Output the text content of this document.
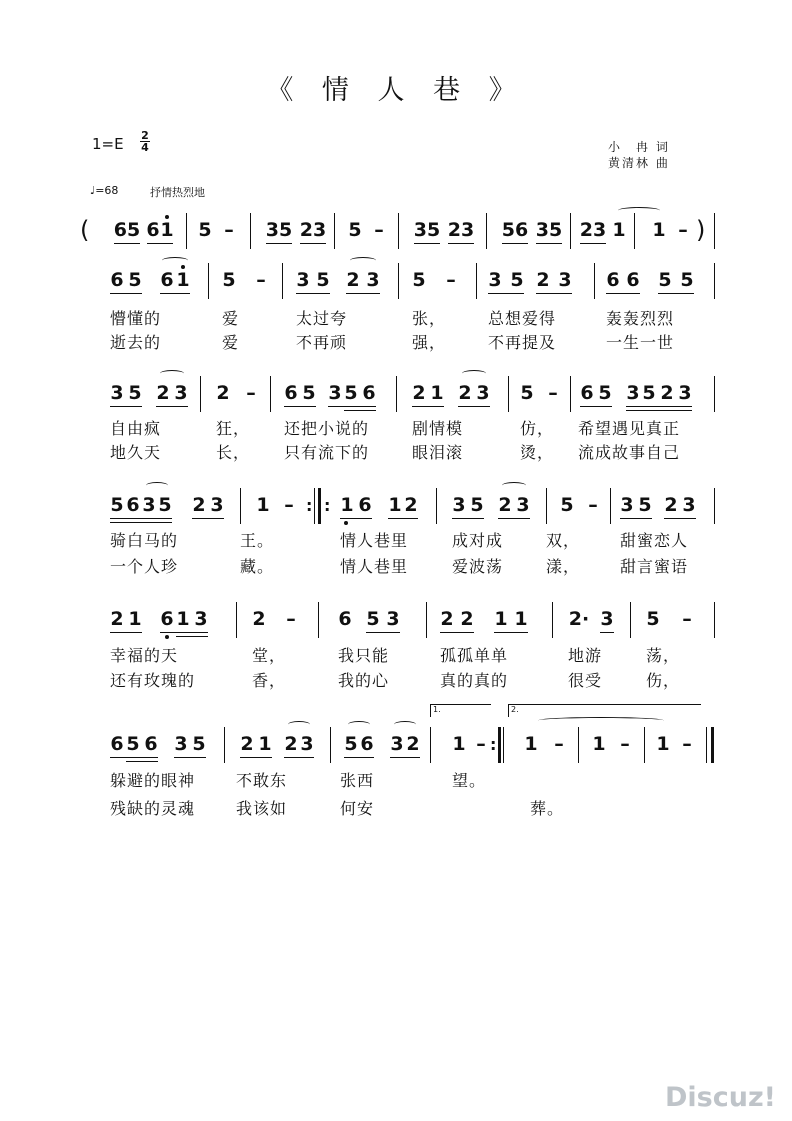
《 情 人 巷 》
$1=E \frac{2}{4}$	小　冉 词
黄清林 曲
♩=68	抒情热烈地
( 65 6 1 5 – 35 23 5 – 35 23 56 35 23 1 1 – )
6 5 6 1 5 – 3 5 2 3 5 – 3 5 2 3 6 6 5 5
懵懂的	爱	太过夸	张，	总想爱得	轰轰烈烈
逝去的	爱	不再顽	强，	不再提及	一生一世
3 5 2 3 2 – 6 5 3 5 6 2 1 2 3 5 – 6 5 3 5 2 3
自由疯	狂， 还把小说的	剧情模	仿， 希望遇见真正
地久天	长， 只有流下的	眼泪滚	烫， 流成故事自己
5 6 3 5 2 3 1 – : : 1 6 1 2 3 5 2 3 5 – 3 5 2 3
骑白马的	王。	情人巷里	成对成	双， 甜蜜恋人
一个人珍	藏。	情人巷里	爱波荡	漾， 甜言蜜语
2 1 6 1 3 2 – 6 5 3 2 2 1 1 2· 3 5 –
幸福的天	堂，	我只能	孤孤单单	地游	荡，
还有玫瑰的	香，	我的心	真的真的	很受	伤，
1.	2.
6 5 6 3 5 2 1 2 3 5 6 3 2 1 – : 1 – 1 – 1 –
躲避的眼神	不敢东	张西	望。
残缺的灵魂	我该如	何安	葬。
Discuz!
